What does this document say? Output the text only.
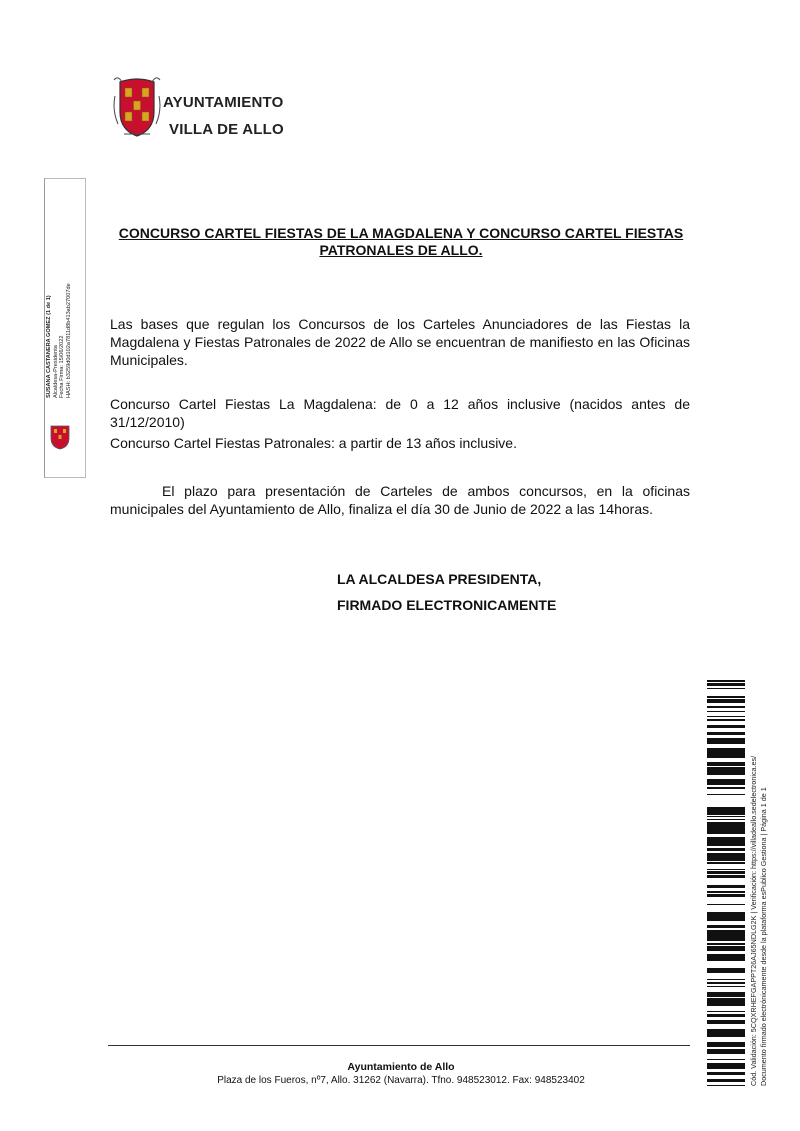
AYUNTAMIENTO
VILLA DE ALLO
SUSANA CASTANERA GOMEZ (1 de 1) Alcaldesa-Presidenta Fecha Firma: 15/06/2022 HASH: b3259d0d102a7811d8b413ab27007de
CONCURSO CARTEL FIESTAS DE LA MAGDALENA Y CONCURSO CARTEL FIESTAS PATRONALES DE ALLO.
Las bases que regulan los Concursos de los Carteles Anunciadores de las Fiestas la Magdalena y Fiestas Patronales de 2022 de Allo se encuentran de manifiesto en las Oficinas Municipales.
Concurso Cartel Fiestas La Magdalena: de 0 a 12 años inclusive (nacidos antes de 31/12/2010)
Concurso Cartel Fiestas Patronales: a partir de 13 años inclusive.
El plazo para presentación de Carteles de ambos concursos, en la oficinas municipales del Ayuntamiento de Allo, finaliza el día 30 de Junio de 2022 a las 14horas.
LA ALCALDESA PRESIDENTA,
FIRMADO ELECTRONICAMENTE
Cód. Validación: 5CQXRHEFGAPPT26AJ65NDLG2K | Verificación: https://villadeallo.sedelectronica.es/ Documento firmado electrónicamente desde la plataforma esPublico Gestiona | Página 1 de 1
Ayuntamiento de Allo
Plaza de los Fueros, nº7, Allo. 31262 (Navarra). Tfno. 948523012. Fax: 948523402
